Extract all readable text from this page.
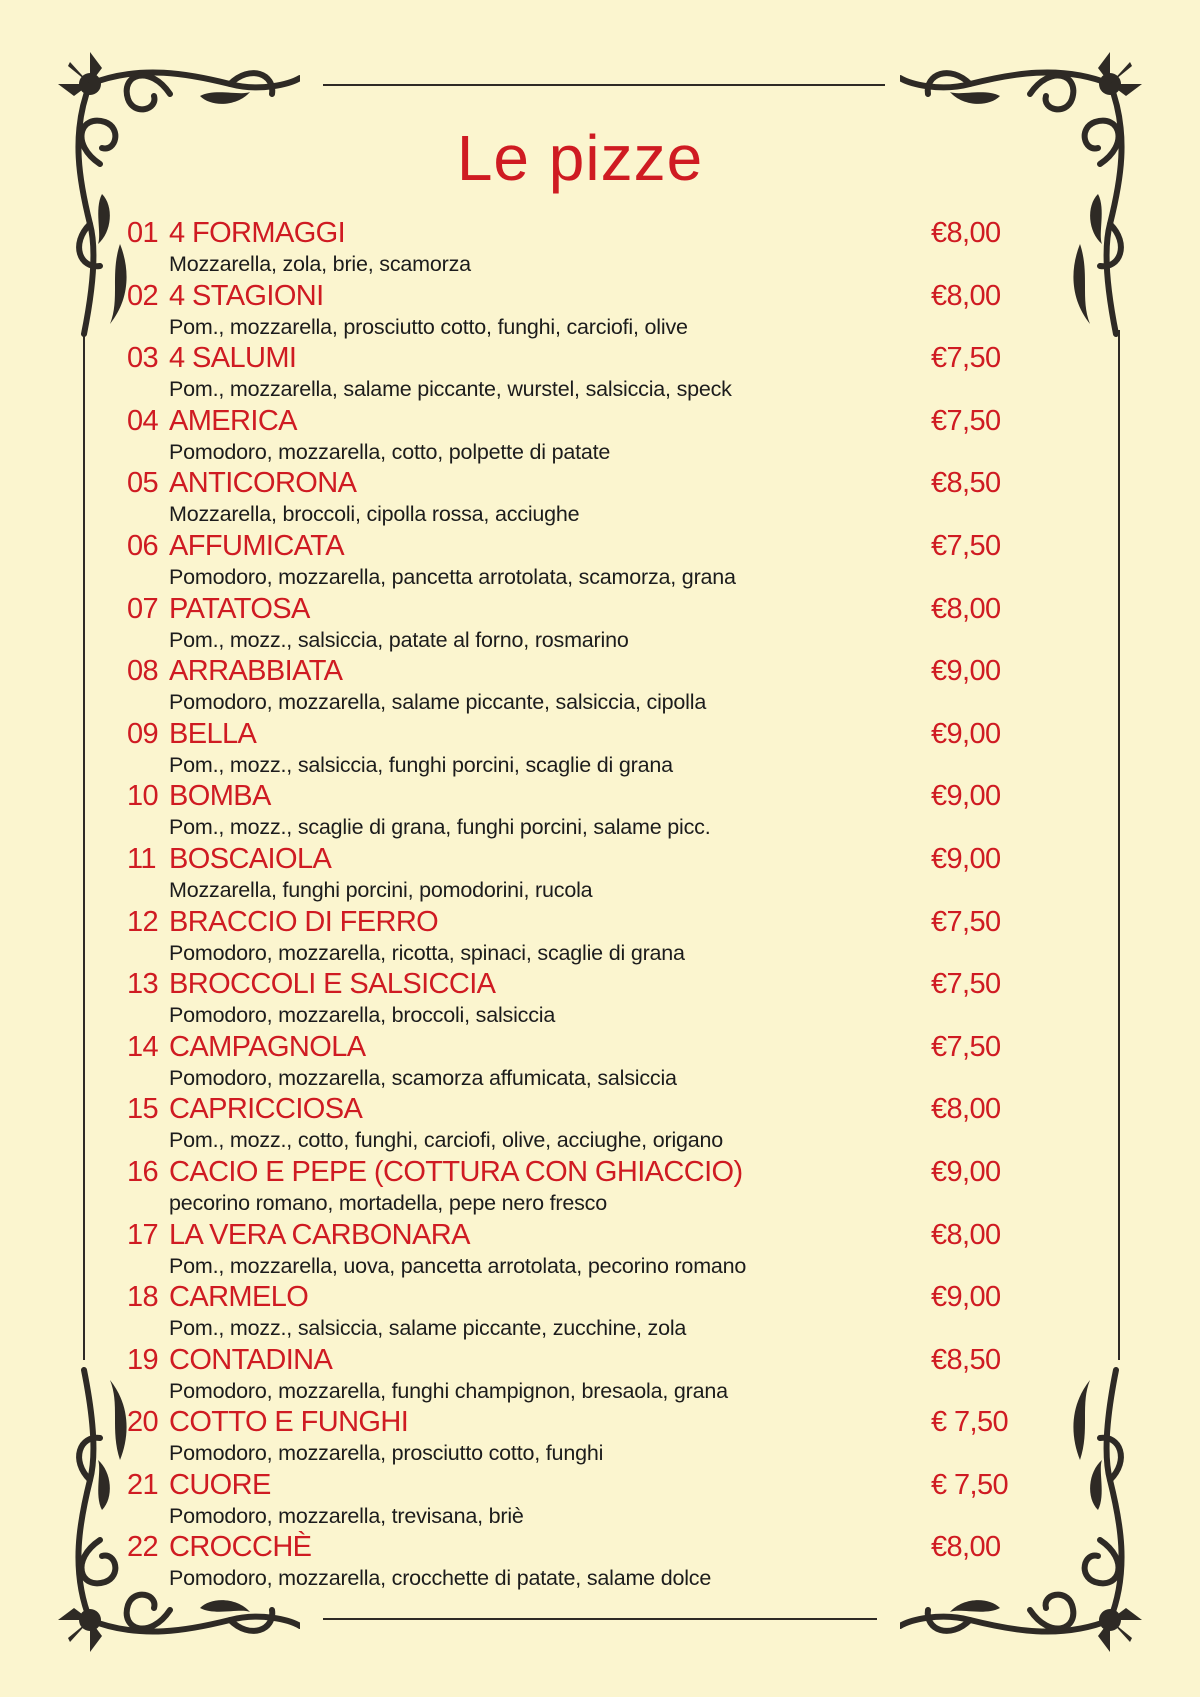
Le pizze
01 4 FORMAGGI	€8,00
Mozzarella, zola, brie, scamorza
02 4 STAGIONI	€8,00
Pom., mozzarella, prosciutto cotto, funghi, carciofi, olive
03 4 SALUMI	€7,50
Pom., mozzarella, salame piccante, wurstel, salsiccia, speck
04 AMERICA	€7,50
Pomodoro, mozzarella, cotto, polpette di patate
05 ANTICORONA	€8,50
Mozzarella, broccoli, cipolla rossa, acciughe
06 AFFUMICATA	€7,50
Pomodoro, mozzarella, pancetta arrotolata, scamorza, grana
07 PATATOSA	€8,00
Pom., mozz., salsiccia, patate al forno, rosmarino
08 ARRABBIATA	€9,00
Pomodoro, mozzarella, salame piccante, salsiccia, cipolla
09 BELLA	€9,00
Pom., mozz., salsiccia, funghi porcini, scaglie di grana
10 BOMBA	€9,00
Pom., mozz., scaglie di grana, funghi porcini, salame picc.
11 BOSCAIOLA	€9,00
Mozzarella, funghi porcini, pomodorini, rucola
12 BRACCIO DI FERRO	€7,50
Pomodoro, mozzarella, ricotta, spinaci, scaglie di grana
13 BROCCOLI E SALSICCIA	€7,50
Pomodoro, mozzarella, broccoli, salsiccia
14 CAMPAGNOLA	€7,50
Pomodoro, mozzarella, scamorza affumicata, salsiccia
15 CAPRICCIOSA	€8,00
Pom., mozz., cotto, funghi, carciofi, olive, acciughe, origano
16 CACIO E PEPE (COTTURA CON GHIACCIO)	€9,00
pecorino romano, mortadella, pepe nero fresco
17 LA VERA CARBONARA	€8,00
Pom., mozzarella, uova, pancetta arrotolata, pecorino romano
18 CARMELO	€9,00
Pom., mozz., salsiccia, salame piccante, zucchine, zola
19 CONTADINA	€8,50
Pomodoro, mozzarella, funghi champignon, bresaola, grana
20 COTTO E FUNGHI	€ 7,50
Pomodoro, mozzarella, prosciutto cotto, funghi
21 CUORE	€ 7,50
Pomodoro, mozzarella, trevisana, briè
22 CROCCHÈ	€8,00
Pomodoro, mozzarella, crocchette di patate, salame dolce
